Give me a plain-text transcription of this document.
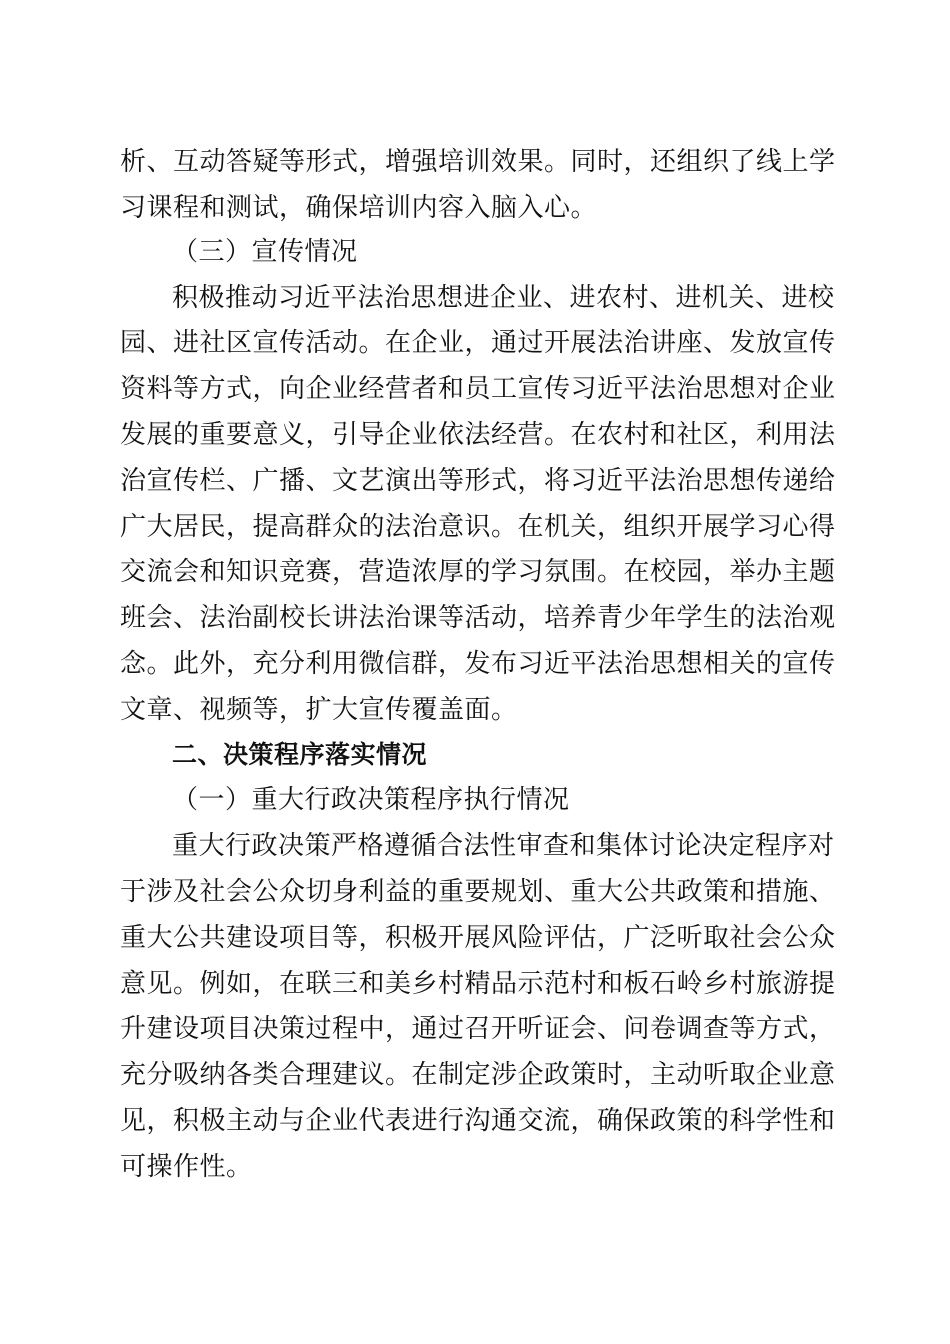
析、互动答疑等形式，增强培训效果。同时，还组织了线上学
习课程和测试，确保培训内容入脑入心。
（三）宣传情况
积极推动习近平法治思想进企业、进农村、进机关、进校
园、进社区宣传活动。在企业，通过开展法治讲座、发放宣传
资料等方式，向企业经营者和员工宣传习近平法治思想对企业
发展的重要意义，引导企业依法经营。在农村和社区，利用法
治宣传栏、广播、文艺演出等形式，将习近平法治思想传递给
广大居民，提高群众的法治意识。在机关，组织开展学习心得
交流会和知识竞赛，营造浓厚的学习氛围。在校园，举办主题
班会、法治副校长讲法治课等活动，培养青少年学生的法治观
念。此外，充分利用微信群，发布习近平法治思想相关的宣传
文章、视频等，扩大宣传覆盖面。
二、决策程序落实情况
（一）重大行政决策程序执行情况
重大行政决策严格遵循合法性审查和集体讨论决定程序对
于涉及社会公众切身利益的重要规划、重大公共政策和措施、
重大公共建设项目等，积极开展风险评估，广泛听取社会公众
意见。例如，在联三和美乡村精品示范村和板石岭乡村旅游提
升建设项目决策过程中，通过召开听证会、问卷调查等方式，
充分吸纳各类合理建议。在制定涉企政策时，主动听取企业意
见，积极主动与企业代表进行沟通交流，确保政策的科学性和
可操作性。
